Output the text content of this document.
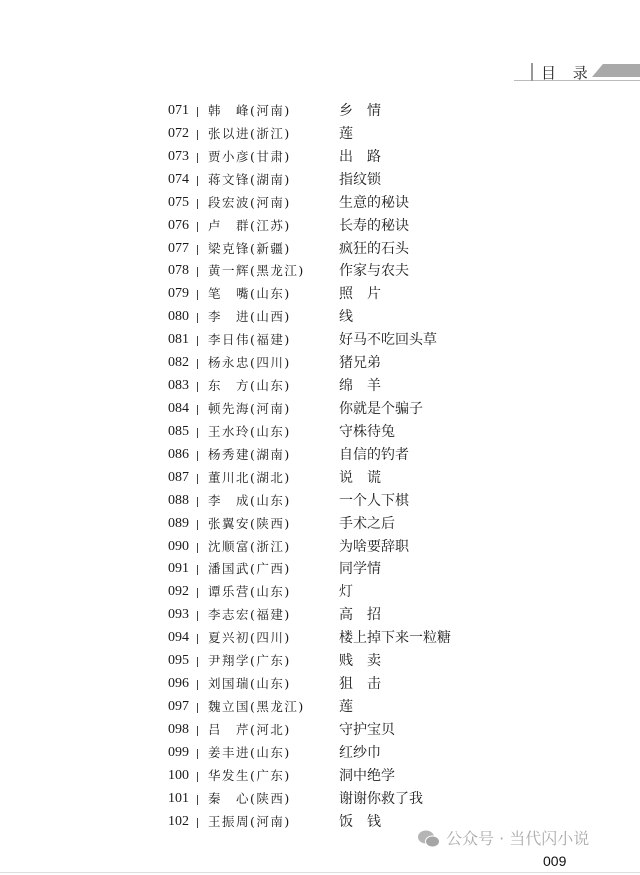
目 录
071	韩　峰(河南)	乡　情
072	张以进(浙江)	莲
073	贾小彦(甘肃)	出　路
074	蒋文锋(湖南)	指纹锁
075	段宏波(河南)	生意的秘诀
076	卢　群(江苏)	长寿的秘诀
077	梁克锋(新疆)	疯狂的石头
078	黄一辉(黑龙江) 作家与农夫
079	笔　嘴(山东)	照　片
080	李　进(山西)	线
081	李日伟(福建)	好马不吃回头草
082	杨永忠(四川)	猪兄弟
083	东　方(山东)	绵　羊
084	顿先海(河南)	你就是个骗子
085	王水玲(山东)	守株待兔
086	杨秀建(湖南)	自信的钓者
087	董川北(湖北)	说　谎
088	李　成(山东)	一个人下棋
089	张翼安(陕西)	手术之后
090	沈顺富(浙江)	为啥要辞职
091	潘国武(广西)	同学情
092	谭乐营(山东)	灯
093	李志宏(福建)	高　招
094	夏兴初(四川)	楼上掉下来一粒糖
095	尹翔学(广东)	贱　卖
096	刘国瑞(山东)	狙　击
097	魏立国(黑龙江) 莲
098	吕　芹(河北)	守护宝贝
099	姜丰进(山东)	红纱巾
100	华发生(广东)	洞中绝学
101	秦　心(陕西)	谢谢你救了我
102	王振周(河南)	饭　钱
公众号 · 当代闪小说
009
